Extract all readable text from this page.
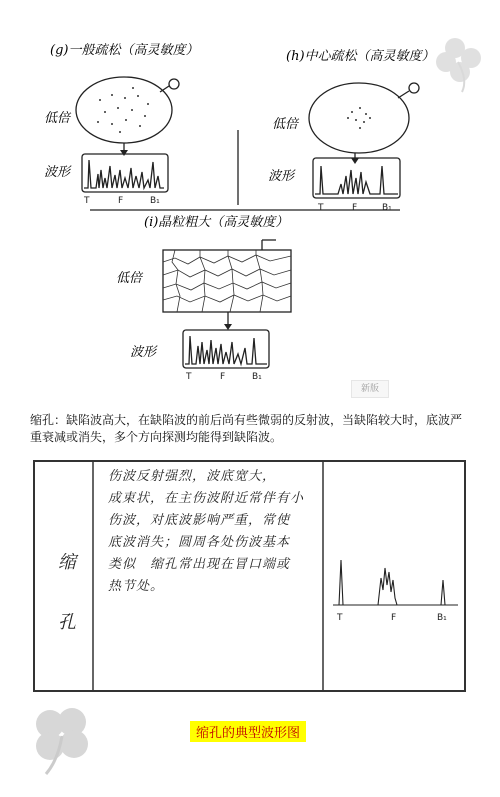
(g)一般疏松（高灵敏度）
低倍
波形
T	F	B₁
(h)中心疏松（高灵敏度）
低倍
波形
T	F	B₁
(i)晶粒粗大（高灵敏度）
低倍
波形
T	F	B₁
新版
缩孔：缺陷波高大，在缺陷波的前后尚有些微弱的反射波，当缺陷较大时，底波严重衰减或消失，多个方向探测均能得到缺陷波。
T	F	B₁
缩
孔
伤波反射强烈，波底宽大，
成束状，在主伤波附近常伴有小
伤波，对底波影响严重，常使
底波消失；圆周各处伤波基本
类似　缩孔常出现在冒口端或
热节处。
缩孔的典型波形图
